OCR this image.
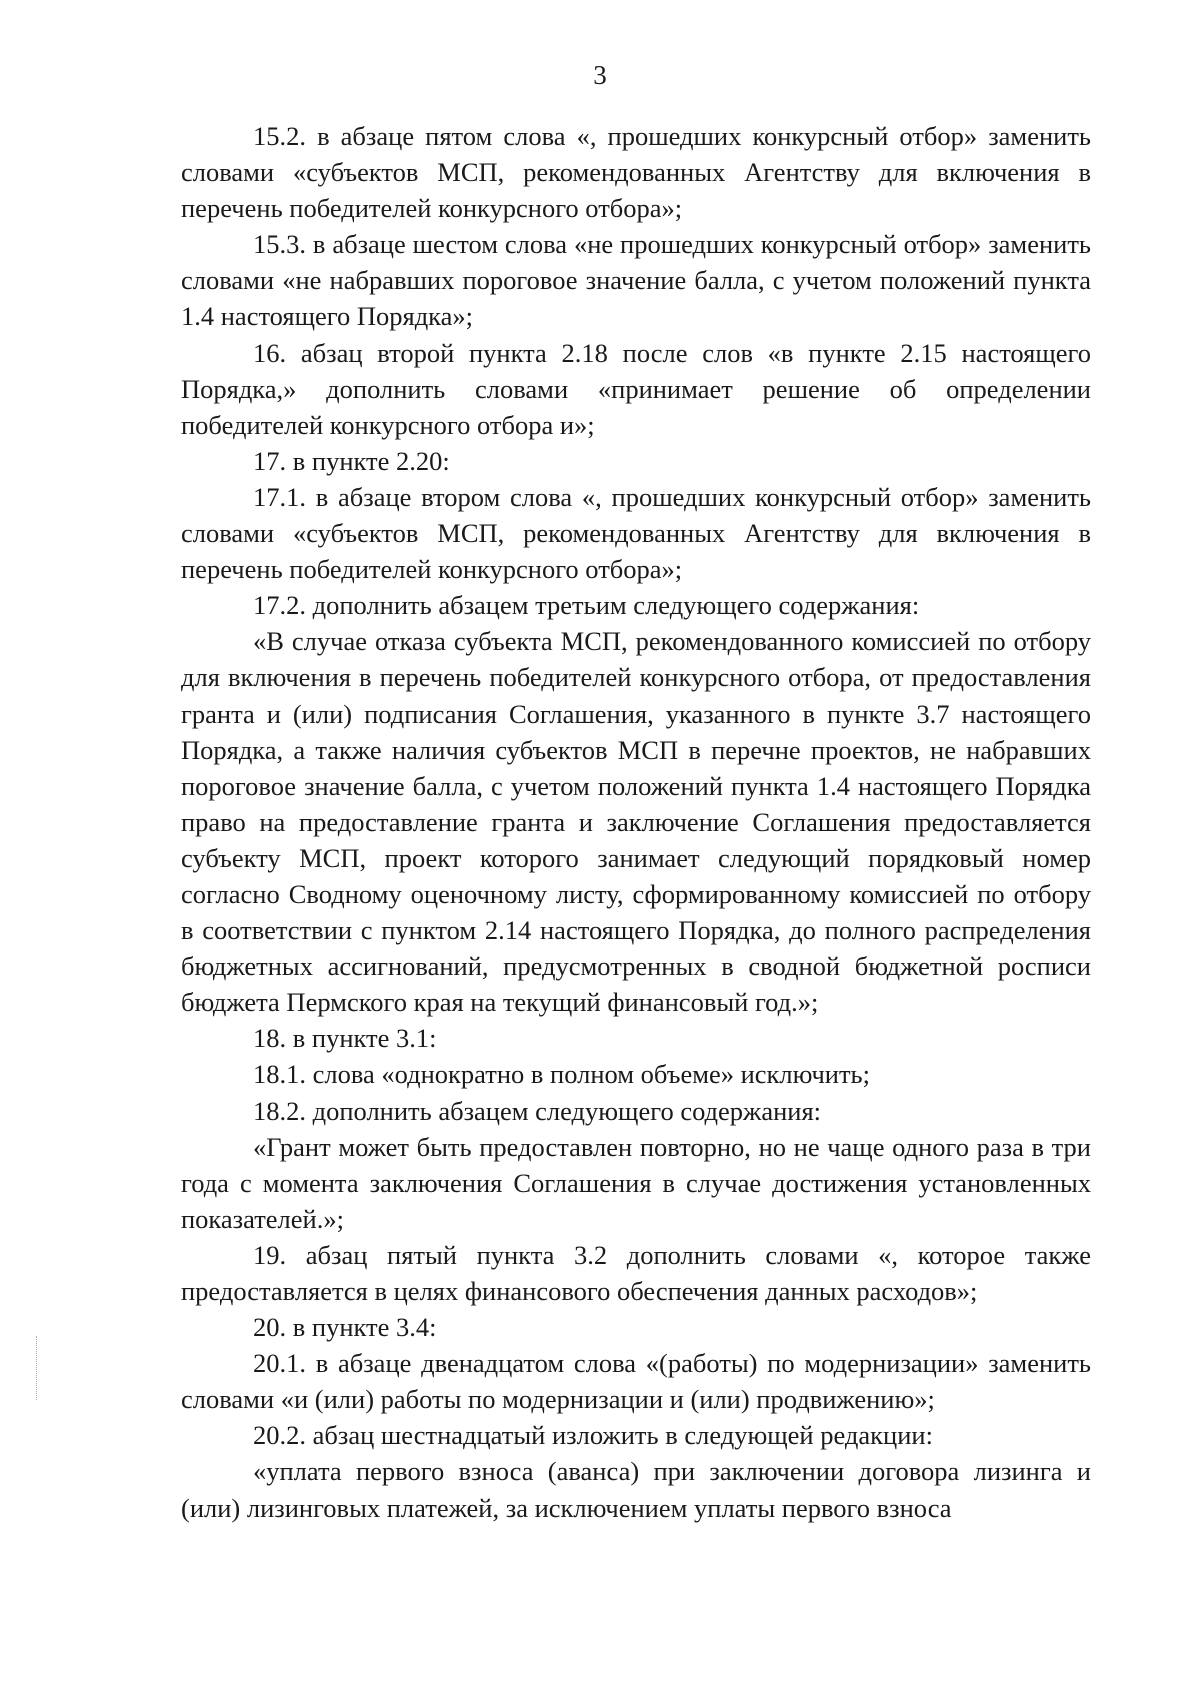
3

15.2. в абзаце пятом слова «, прошедших конкурсный отбор» заменить словами «субъектов МСП, рекомендованных Агентству для включения в перечень победителей конкурсного отбора»;

15.3. в абзаце шестом слова «не прошедших конкурсный отбор» заменить словами «не набравших пороговое значение балла, с учетом положений пункта 1.4 настоящего Порядка»;

16. абзац второй пункта 2.18 после слов «в пункте 2.15 настоящего Порядка,» дополнить словами «принимает решение об определении победителей конкурсного отбора и»;

17. в пункте 2.20:

17.1. в абзаце втором слова «, прошедших конкурсный отбор» заменить словами «субъектов МСП, рекомендованных Агентству для включения в перечень победителей конкурсного отбора»;

17.2. дополнить абзацем третьим следующего содержания:

«В случае отказа субъекта МСП, рекомендованного комиссией по отбору для включения в перечень победителей конкурсного отбора, от предоставления гранта и (или) подписания Соглашения, указанного в пункте 3.7 настоящего Порядка, а также наличия субъектов МСП в перечне проектов, не набравших пороговое значение балла, с учетом положений пункта 1.4 настоящего Порядка право на предоставление гранта и заключение Соглашения предоставляется субъекту МСП, проект которого занимает следующий порядковый номер согласно Сводному оценочному листу, сформированному комиссией по отбору в соответствии с пунктом 2.14 настоящего Порядка, до полного распределения бюджетных ассигнований, предусмотренных в сводной бюджетной росписи бюджета Пермского края на текущий финансовый год.»;

18. в пункте 3.1:

18.1. слова «однократно в полном объеме» исключить;

18.2. дополнить абзацем следующего содержания:

«Грант может быть предоставлен повторно, но не чаще одного раза в три года с момента заключения Соглашения в случае достижения установленных показателей.»;

19. абзац пятый пункта 3.2 дополнить словами «, которое также предоставляется в целях финансового обеспечения данных расходов»;

20. в пункте 3.4:

20.1. в абзаце двенадцатом слова «(работы) по модернизации» заменить словами «и (или) работы по модернизации и (или) продвижению»;

20.2. абзац шестнадцатый изложить в следующей редакции:

«уплата первого взноса (аванса) при заключении договора лизинга и (или) лизинговых платежей, за исключением уплаты первого взноса
